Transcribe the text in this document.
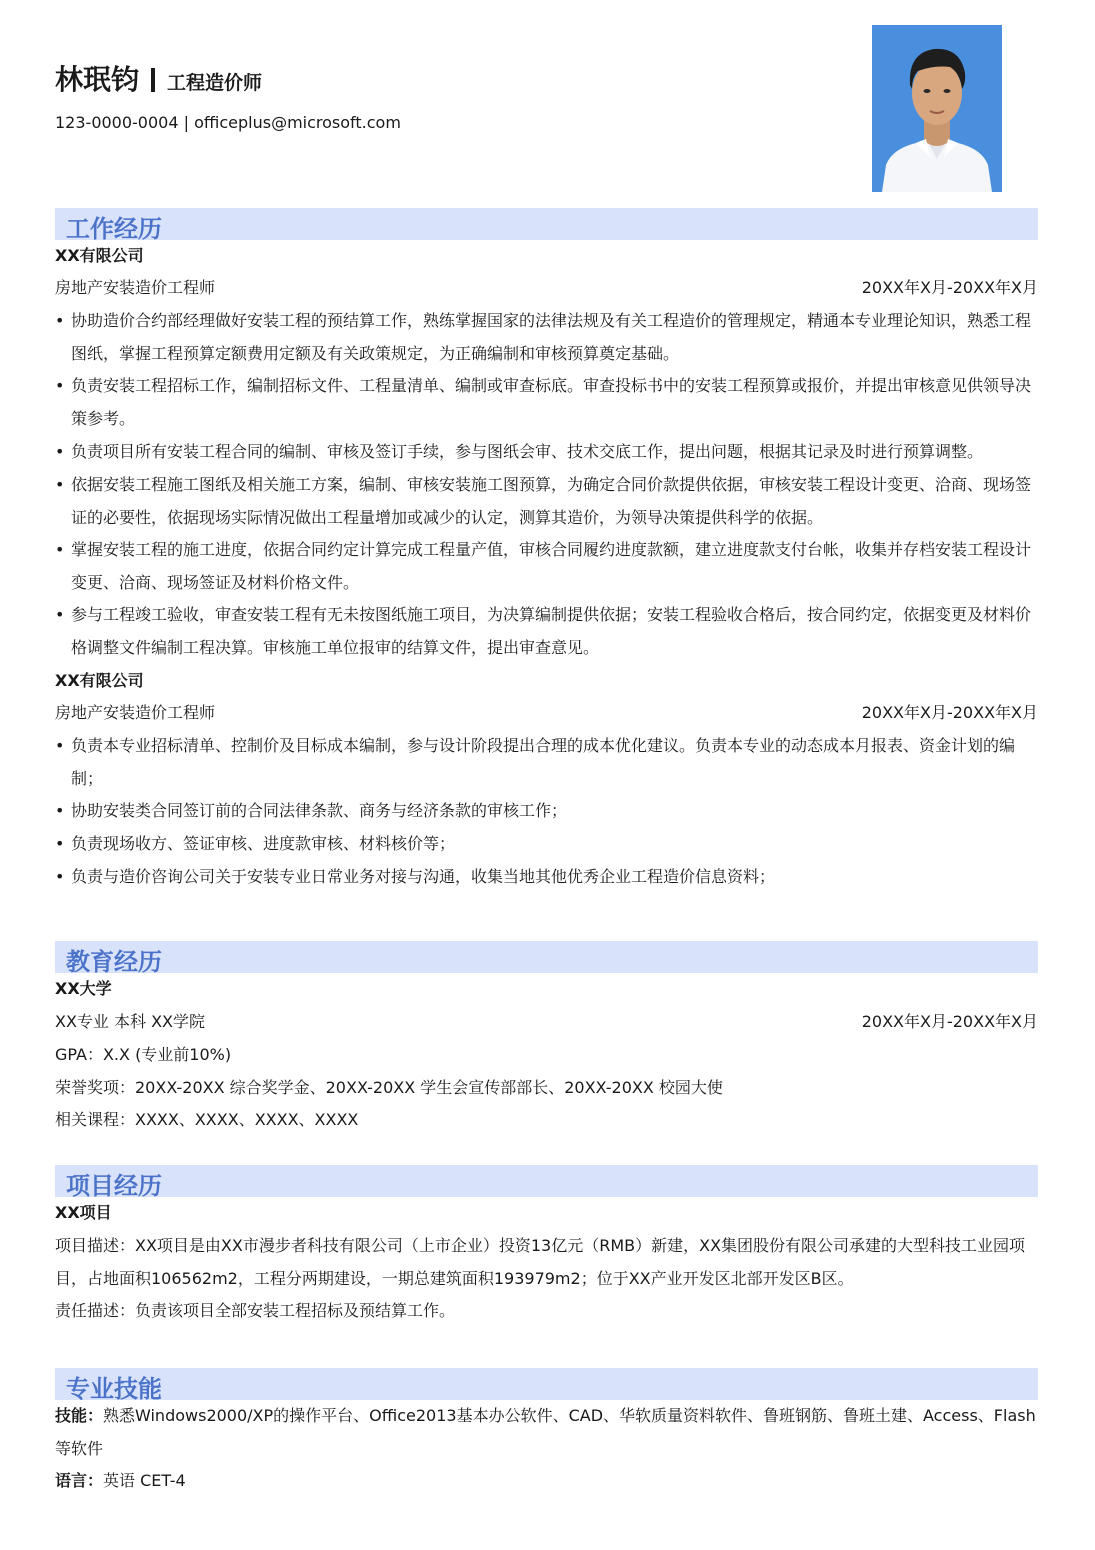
林珉钧 工程造价师
123-0000-0004 | officeplus@microsoft.com
工作经历
XX有限公司
房地产安装造价工程师	20XX年X月-20XX年X月
• 协助造价合约部经理做好安装工程的预结算工作，熟练掌握国家的法律法规及有关工程造价的管理规定，精通本专业理论知识，熟悉工程图纸，掌握工程预算定额费用定额及有关政策规定，为正确编制和审核预算奠定基础。
• 负责安装工程招标工作，编制招标文件、工程量清单、编制或审查标底。审查投标书中的安装工程预算或报价，并提出审核意见供领导决策参考。
• 负责项目所有安装工程合同的编制、审核及签订手续，参与图纸会审、技术交底工作，提出问题，根据其记录及时进行预算调整。
• 依据安装工程施工图纸及相关施工方案，编制、审核安装施工图预算，为确定合同价款提供依据，审核安装工程设计变更、洽商、现场签证的必要性，依据现场实际情况做出工程量增加或减少的认定，测算其造价，为领导决策提供科学的依据。
• 掌握安装工程的施工进度，依据合同约定计算完成工程量产值，审核合同履约进度款额，建立进度款支付台帐，收集并存档安装工程设计变更、洽商、现场签证及材料价格文件。
• 参与工程竣工验收，审查安装工程有无未按图纸施工项目，为决算编制提供依据；安装工程验收合格后，按合同约定，依据变更及材料价格调整文件编制工程决算。审核施工单位报审的结算文件，提出审查意见。
XX有限公司
房地产安装造价工程师	20XX年X月-20XX年X月
• 负责本专业招标清单、控制价及目标成本编制，参与设计阶段提出合理的成本优化建议。负责本专业的动态成本月报表、资金计划的编制；
• 协助安装类合同签订前的合同法律条款、商务与经济条款的审核工作；
• 负责现场收方、签证审核、进度款审核、材料核价等；
• 负责与造价咨询公司关于安装专业日常业务对接与沟通，收集当地其他优秀企业工程造价信息资料；
教育经历
XX大学
XX专业 本科 XX学院	20XX年X月-20XX年X月
GPA：X.X (专业前10%)
荣誉奖项：20XX-20XX 综合奖学金、20XX-20XX 学生会宣传部部长、20XX-20XX 校园大使
相关课程：XXXX、XXXX、XXXX、XXXX
项目经历
XX项目
项目描述：XX项目是由XX市漫步者科技有限公司（上市企业）投资13亿元（RMB）新建，XX集团股份有限公司承建的大型科技工业园项目，占地面积106562m2，工程分两期建设，一期总建筑面积193979m2；位于XX产业开发区北部开发区B区。
责任描述：负责该项目全部安装工程招标及预结算工作。
专业技能
技能：熟悉Windows2000/XP的操作平台、Office2013基本办公软件、CAD、华软质量资料软件、鲁班钢筋、鲁班土建、Access、Flash等软件
语言：英语 CET-4
